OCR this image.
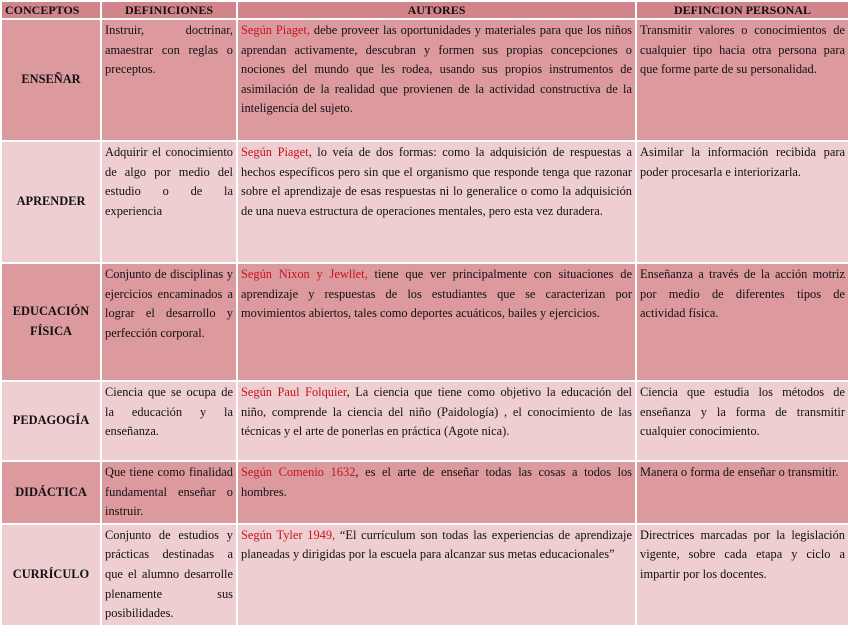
CONCEPTOS	DEFINICIONES	AUTORES	DEFINCION PERSONAL
ENSEÑAR	Instruir, doctrinar, amaestrar con reglas o preceptos.	Según Piaget, debe proveer las oportunidades y materiales para que los niños aprendan activamente, descubran y formen sus propias concepciones o nociones del mundo que les rodea, usando sus propios instrumentos de asimilación de la realidad que provienen de la actividad constructiva de la inteligencia del sujeto.	Transmitir valores o conocimientos de cualquier tipo hacia otra persona para que forme parte de su personalidad.
APRENDER	Adquirir el conocimiento de algo por medio del estudio o de la experiencia	Según Piaget, lo veía de dos formas: como la adquisición de respuestas a hechos específicos pero sin que el organismo que responde tenga que razonar sobre el aprendizaje de esas respuestas ni lo generalice o como la adquisición de una nueva estructura de operaciones mentales, pero esta vez duradera.	Asimilar la información recibida para poder procesarla e interiorizarla.
EDUCACIÓN FÍSICA	Conjunto de disciplinas y ejercicios encaminados a lograr el desarrollo y perfección corporal.	Según Nixon y Jewllet, tiene que ver principalmente con situaciones de aprendizaje y respuestas de los estudiantes que se caracterizan por movimientos abiertos, tales como deportes acuáticos, bailes y ejercicios.	Enseñanza a través de la acción motriz por medio de diferentes tipos de actividad física.
PEDAGOGÍA	Ciencia que se ocupa de la educación y la enseñanza.	Según Paul Folquier, La ciencia que tiene como objetivo la educación del niño, comprende la ciencia del niño (Paidología) , el conocimiento de las técnicas y el arte de ponerlas en práctica (Agote nica).	Ciencia que estudia los métodos de enseñanza y la forma de transmitir cualquier conocimiento.
DIDÁCTICA	Que tiene como finalidad fundamental enseñar o instruir.	Según Comenio 1632, es el arte de enseñar todas las cosas a todos los hombres.	Manera o forma de enseñar o transmitir.
CURRÍCULO	Conjunto de estudios y prácticas destinadas a que el alumno desarrolle plenamente sus posibilidades.	Según Tyler 1949, “El currículum son todas las experiencias de aprendizaje planeadas y dirigidas por la escuela para alcanzar sus metas educacionales”	Directrices marcadas por la legislación vigente, sobre cada etapa y ciclo a impartir por los docentes.
